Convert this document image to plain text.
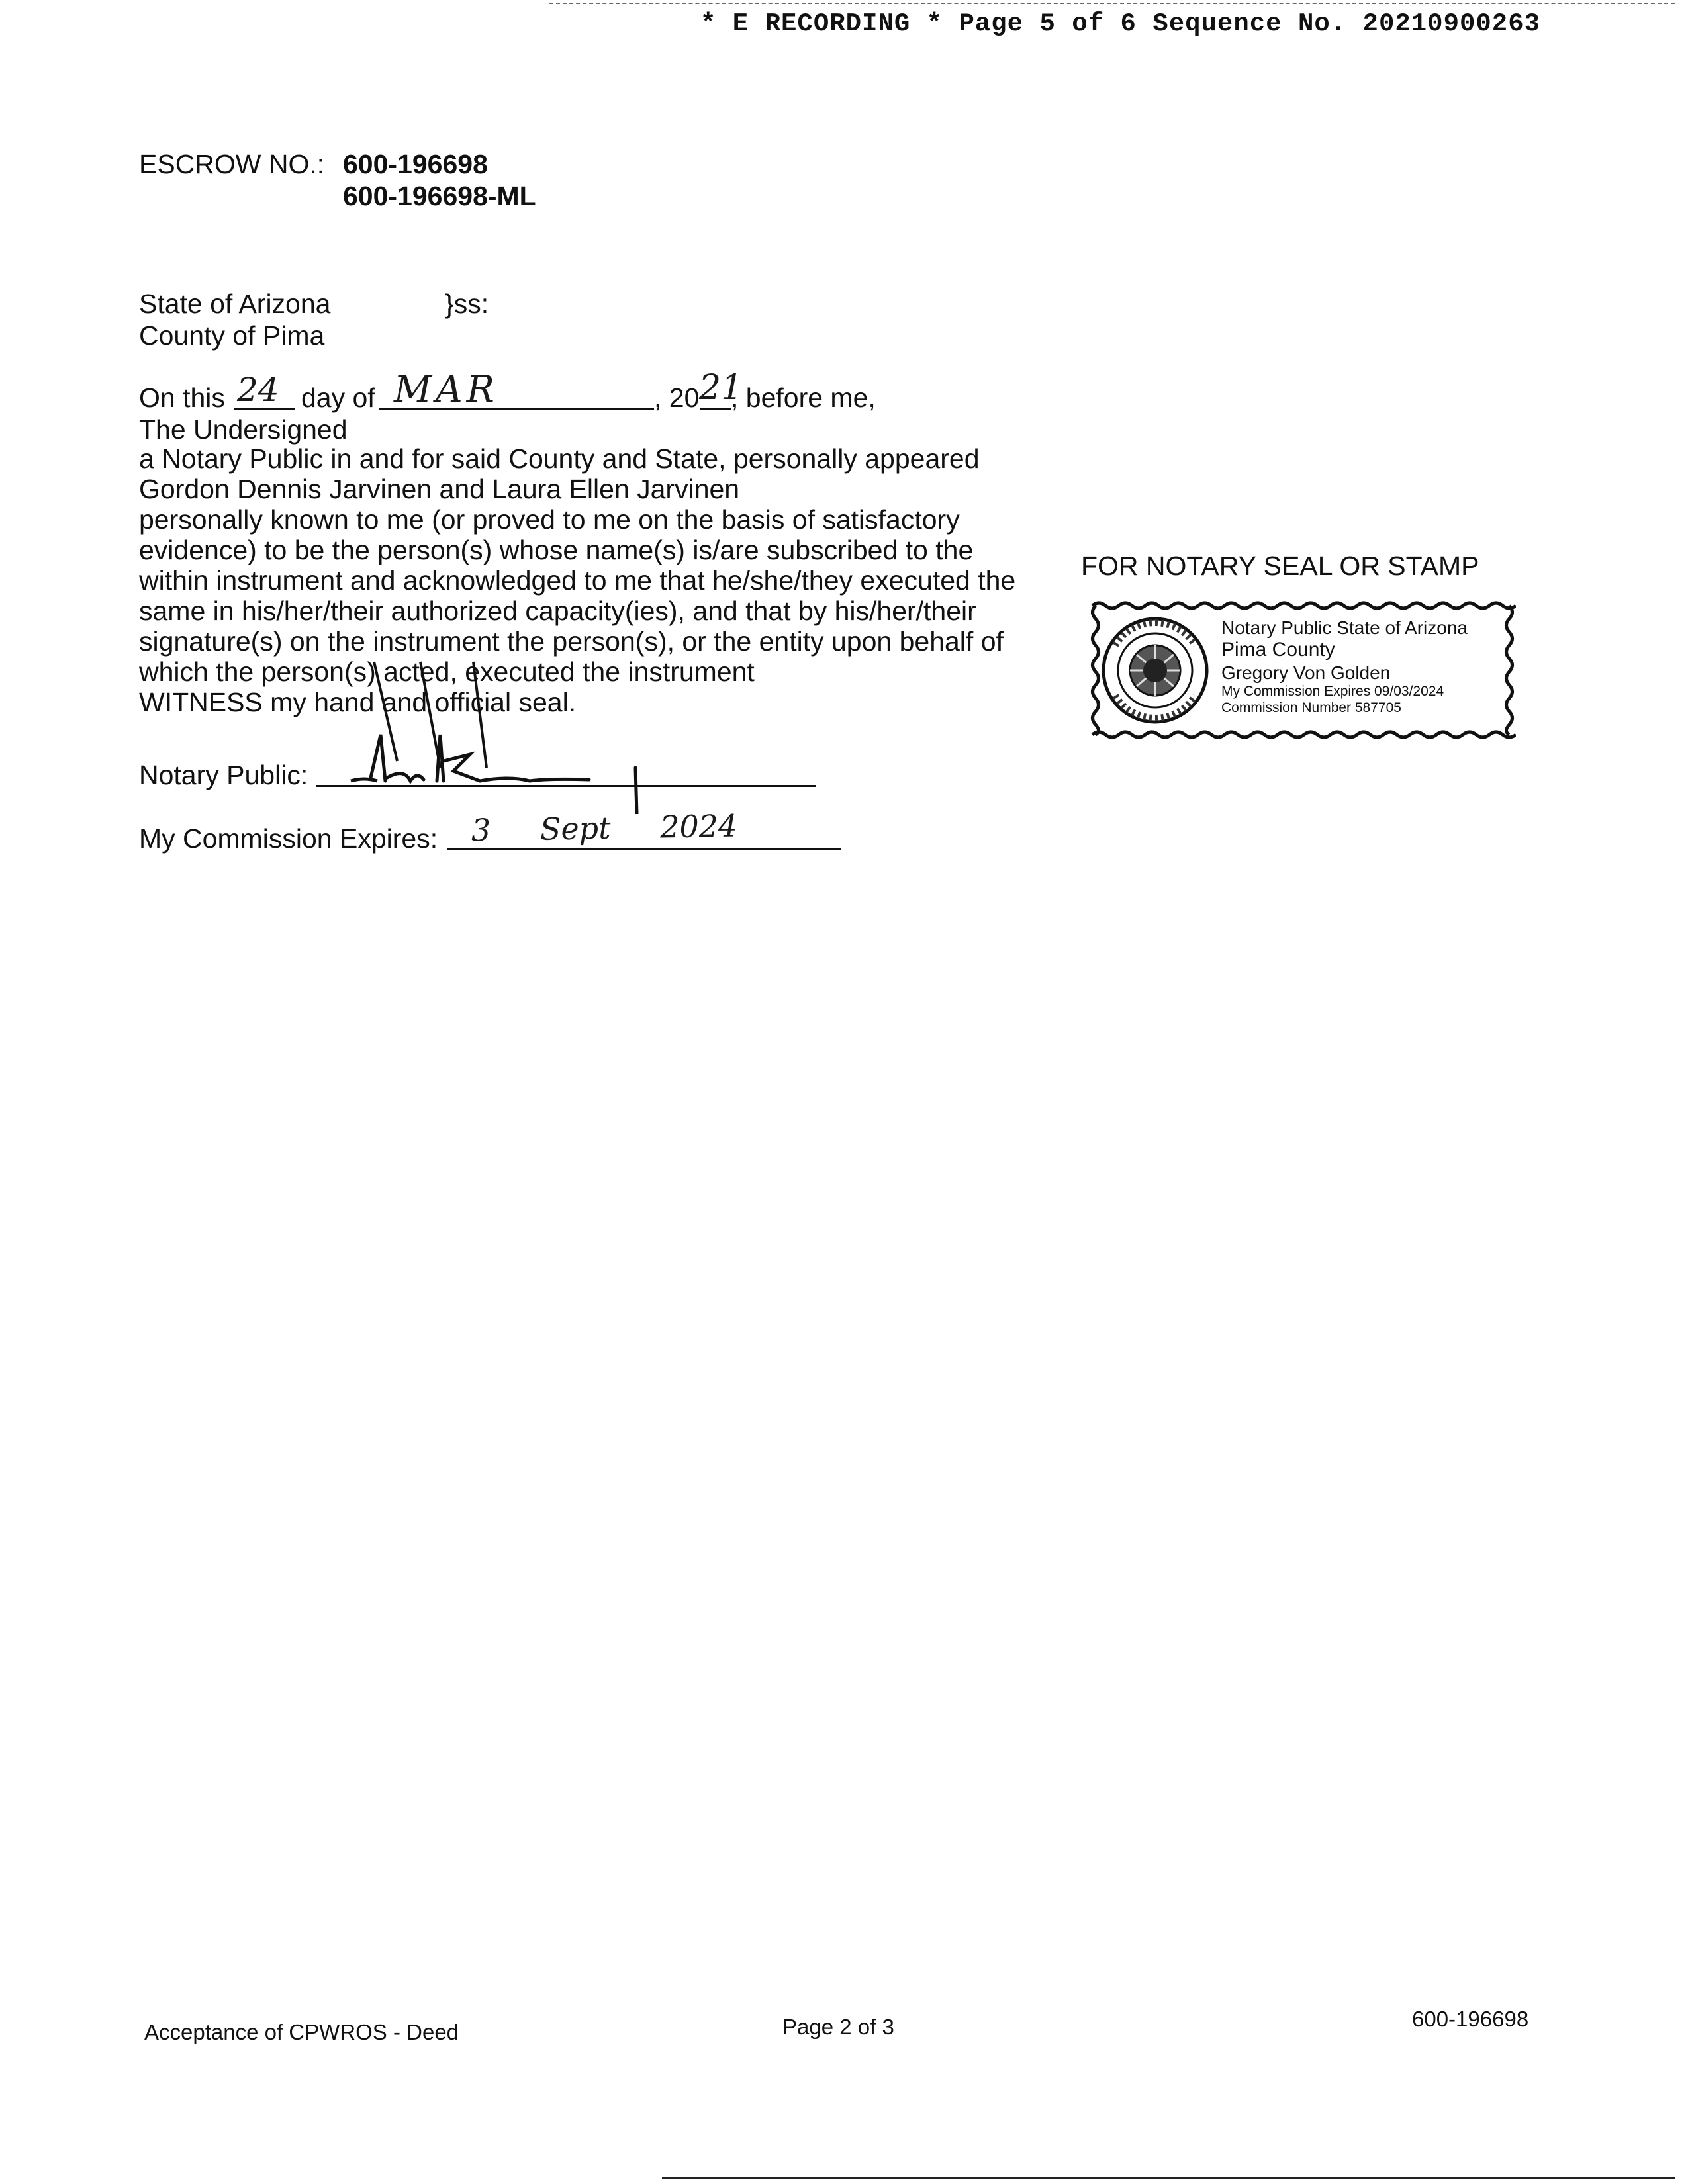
* E RECORDING * Page 5 of 6 Sequence No. 20210900263
ESCROW NO.: 600-196698
600-196698-ML
State of Arizona	}ss:
County of Pima
On this 24 day of MAR	, 20 21
, before me,
The Undersigned
a Notary Public in and for said County and State, personally appeared
Gordon Dennis Jarvinen and Laura Ellen Jarvinen
personally known to me (or proved to me on the basis of satisfactory
evidence) to be the person(s) whose name(s) is/are subscribed to the
within instrument and acknowledged to me that he/she/they executed the
same in his/her/their authorized capacity(ies), and that by his/her/their
signature(s) on the instrument the person(s), or the entity upon behalf of
which the person(s) acted, executed the instrument
WITNESS my hand and official seal.
Notary Public:
My Commission Expires: 3 Sept 2024
FOR NOTARY SEAL OR STAMP
Notary Public State of Arizona
Pima County
Gregory Von Golden
My Commission Expires 09/03/2024
Commission Number 587705
Acceptance of CPWROS - Deed	Page 2 of 3	600-196698
